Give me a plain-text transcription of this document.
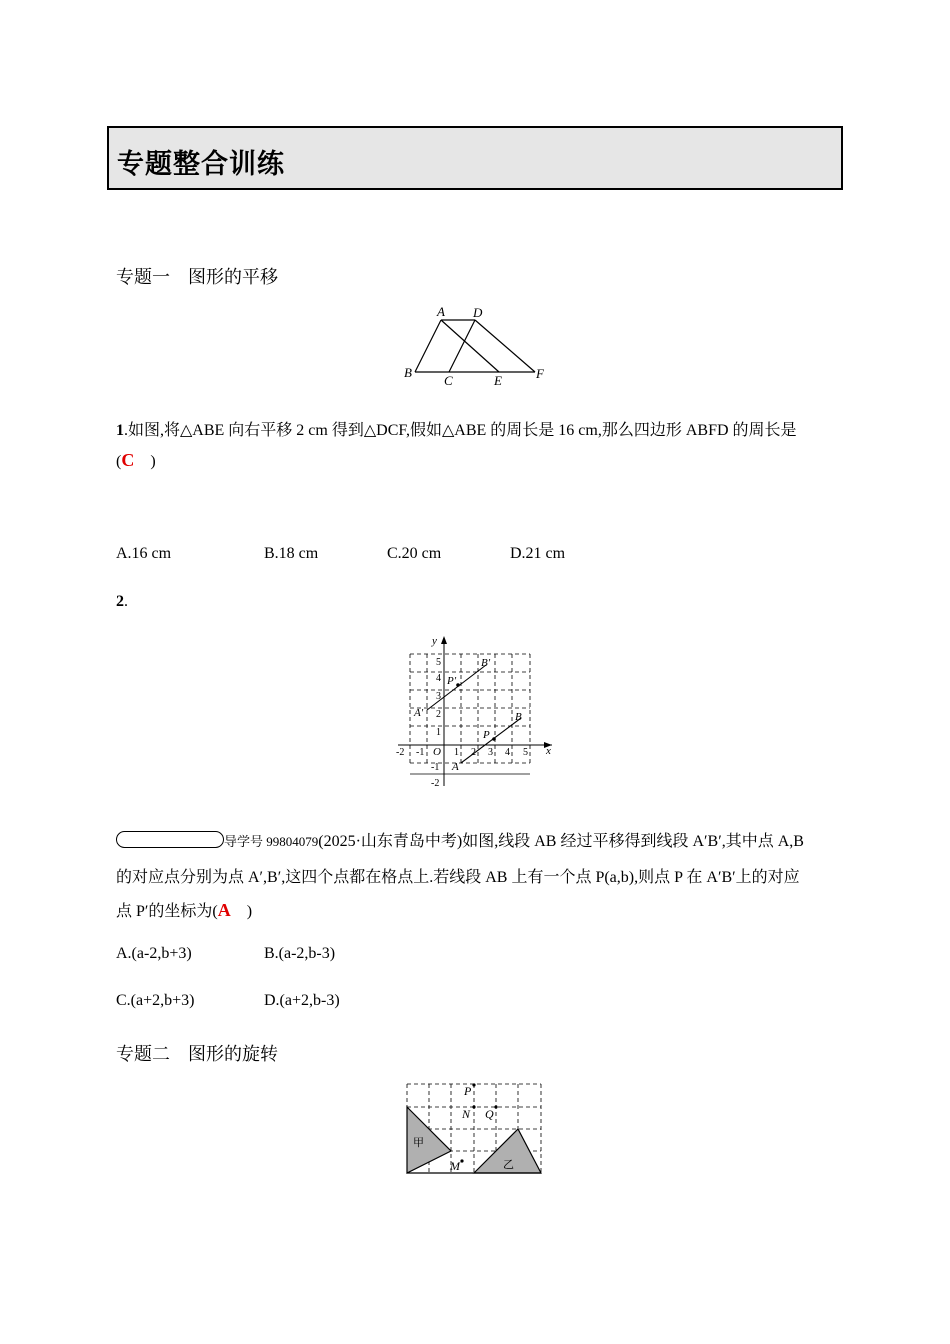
专题整合训练
专题一 图形的平移
A D
B
C	E	F
1.如图,将△ABE 向右平移 2 cm 得到△DCF,假如△ABE 的周长是 16 cm,那么四边形 ABFD 的周长是
(C )
A.16 cm	B.18 cm	C.20 cm	D.21 cm
2.
x
y
O
A
B
P
A′
B′
P′
-2 -1	1 2 3 4 5
5
4
3
2
1
-1
-2
导学号 99804079(2025·山东青岛中考)如图,线段 AB 经过平移得到线段 A′B′,其中点 A,B
的对应点分别为点 A′,B′,这四个点都在格点上.若线段 AB 上有一个点 P(a,b),则点 P 在 A′B′上的对应
点 P′的坐标为(A )
A.(a-2,b+3)	B.(a-2,b-3)
C.(a+2,b+3)	D.(a+2,b-3)
专题二 图形的旋转
P
N Q
M
甲
乙
